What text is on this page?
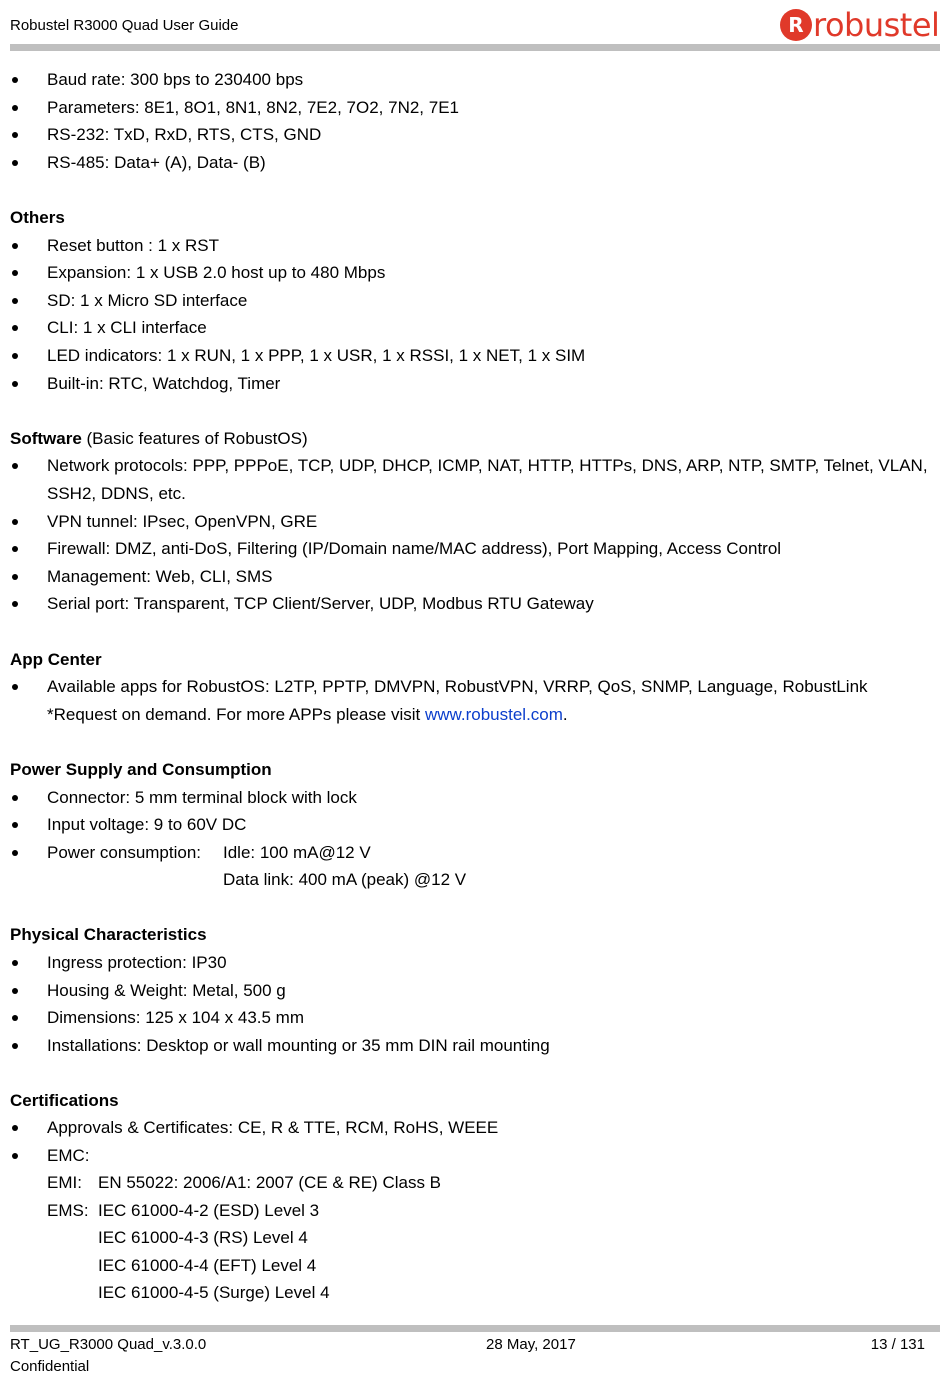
Robustel R3000 Quad User Guide	R robustel
Baud rate: 300 bps to 230400 bps
Parameters: 8E1, 8O1, 8N1, 8N2, 7E2, 7O2, 7N2, 7E1
RS-232: TxD, RxD, RTS, CTS, GND
RS-485: Data+ (A), Data- (B)
Others
Reset button : 1 x RST
Expansion: 1 x USB 2.0 host up to 480 Mbps
SD: 1 x Micro SD interface
CLI: 1 x CLI interface
LED indicators: 1 x RUN, 1 x PPP, 1 x USR, 1 x RSSI, 1 x NET, 1 x SIM
Built-in: RTC, Watchdog, Timer
Software (Basic features of RobustOS)
Network protocols: PPP, PPPoE, TCP, UDP, DHCP, ICMP, NAT, HTTP, HTTPs, DNS, ARP, NTP, SMTP, Telnet, VLAN,
SSH2, DDNS, etc.
VPN tunnel: IPsec, OpenVPN, GRE
Firewall: DMZ, anti-DoS, Filtering (IP/Domain name/MAC address), Port Mapping, Access Control
Management: Web, CLI, SMS
Serial port: Transparent, TCP Client/Server, UDP, Modbus RTU Gateway
App Center
Available apps for RobustOS: L2TP, PPTP, DMVPN, RobustVPN, VRRP, QoS, SNMP, Language, RobustLink
*Request on demand. For more APPs please visit www.robustel.com.
Power Supply and Consumption
Connector: 5 mm terminal block with lock
Input voltage: 9 to 60V DC
Power consumption: Idle: 100 mA@12 V
Data link: 400 mA (peak) @12 V
Physical Characteristics
Ingress protection: IP30
Housing & Weight: Metal, 500 g
Dimensions: 125 x 104 x 43.5 mm
Installations: Desktop or wall mounting or 35 mm DIN rail mounting
Certifications
Approvals & Certificates: CE, R & TTE, RCM, RoHS, WEEE
EMC:
EMI: EN 55022: 2006/A1: 2007 (CE & RE) Class B
EMS: IEC 61000-4-2 (ESD) Level 3
IEC 61000-4-3 (RS) Level 4
IEC 61000-4-4 (EFT) Level 4
IEC 61000-4-5 (Surge) Level 4
RT_UG_R3000 Quad_v.3.0.0	28 May, 2017	13 / 131
Confidential
